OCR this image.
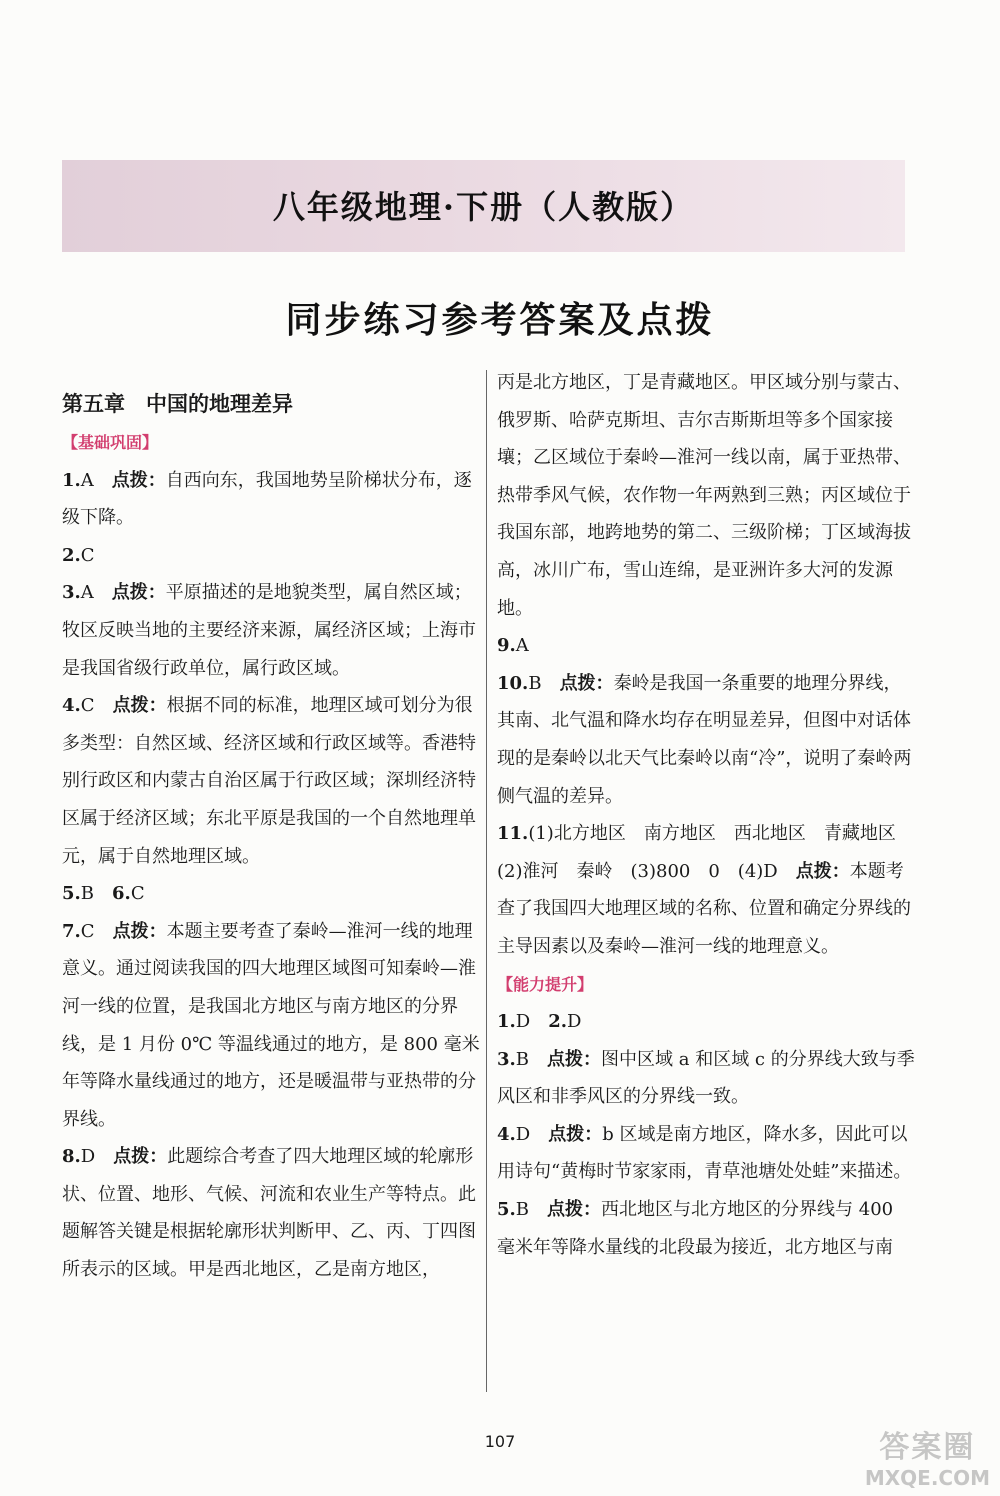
八年级地理·下册（人教版）
同步练习参考答案及点拨

第五章　中国的地理差异

【基础巩固】

1.A　 点拨：自西向东，我国地势呈阶梯状分布，逐级下降。

2.C

3.A　 点拨：平原描述的是地貌类型，属自然区域；牧区反映当地的主要经济来源，属经济区域；上海市是我国省级行政单位，属行政区域。

4.C　 点拨：根据不同的标准，地理区域可划分为很多类型：自然区域、经济区域和行政区域等。香港特别行政区和内蒙古自治区属于行政区域；深圳经济特区属于经济区域；东北平原是我国的一个自然地理单元，属于自然地理区域。

5.B　 6.C

7.C　 点拨：本题主要考查了秦岭—淮河一线的地理意义。通过阅读我国的四大地理区域图可知秦岭—淮河一线的位置，是我国北方地区与南方地区的分界线，是 1 月份 0℃ 等温线通过的地方，是 800 毫米年等降水量线通过的地方，还是暖温带与亚热带的分界线。

8.D　 点拨：此题综合考查了四大地理区域的轮廓形状、位置、地形、气候、河流和农业生产等特点。此题解答关键是根据轮廓形状判断甲、乙、丙、丁四图所表示的区域。甲是西北地区，乙是南方地区，

丙是北方地区，丁是青藏地区。甲区域分别与蒙古、俄罗斯、哈萨克斯坦、吉尔吉斯斯坦等多个国家接壤；乙区域位于秦岭—淮河一线以南，属于亚热带、热带季风气候，农作物一年两熟到三熟；丙区域位于我国东部，地跨地势的第二、三级阶梯；丁区域海拔高，冰川广布，雪山连绵，是亚洲许多大河的发源地。

9.A

10.B　 点拨：秦岭是我国一条重要的地理分界线，其南、北气温和降水均存在明显差异，但图中对话体现的是秦岭以北天气比秦岭以南“冷”，说明了秦岭两侧气温的差异。

11.(1)北方地区　南方地区　西北地区　青藏地区(2)淮河　秦岭　(3)800　0　(4)D　点拨：本题考查了我国四大地理区域的名称、位置和确定分界线的主导因素以及秦岭—淮河一线的地理意义。

【能力提升】

1.D　 2.D

3.B　 点拨：图中区域 a 和区域 c 的分界线大致与季风区和非季风区的分界线一致。

4.D　 点拨：b 区域是南方地区，降水多，因此可以用诗句“黄梅时节家家雨，青草池塘处处蛙”来描述。

5.B　 点拨：西北地区与北方地区的分界线与 400 毫米年等降水量线的北段最为接近，北方地区与南

107	答案圈
MXQE.COM
